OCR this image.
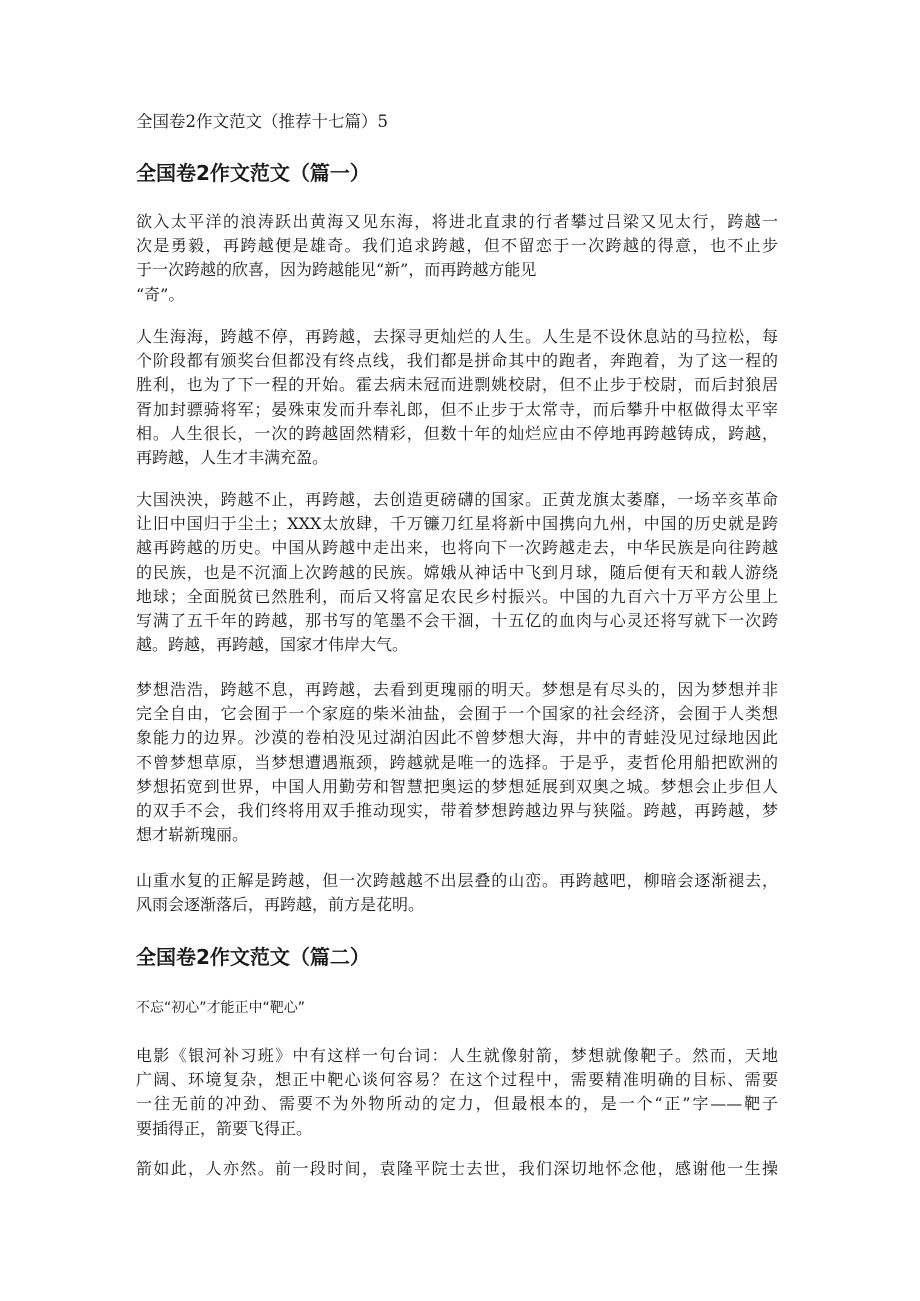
全国卷2作文范文（推荐十七篇）5
全国卷2作文范文（篇一）
欲入太平洋的浪涛跃出黄海又见东海，将进北直隶的行者攀过吕梁又见太行，跨越一
次是勇毅，再跨越便是雄奇。我们追求跨越，但不留恋于一次跨越的得意，也不止步
于一次跨越的欣喜，因为跨越能见“新”，而再跨越方能见
“奇”。
人生海海，跨越不停，再跨越，去探寻更灿烂的人生。人生是不设休息站的马拉松，每
个阶段都有颁奖台但都没有终点线，我们都是拼命其中的跑者，奔跑着，为了这一程的
胜利，也为了下一程的开始。霍去病未冠而进剽姚校尉，但不止步于校尉，而后封狼居
胥加封骠骑将军；晏殊束发而升奉礼郎，但不止步于太常寺，而后攀升中枢做得太平宰
相。人生很长，一次的跨越固然精彩，但数十年的灿烂应由不停地再跨越铸成，跨越，
再跨越，人生才丰满充盈。
大国泱泱，跨越不止，再跨越，去创造更磅礴的国家。正黄龙旗太萎靡，一场辛亥革命
让旧中国归于尘土；XXX太放肆，千万镰刀红星将新中国携向九州，中国的历史就是跨
越再跨越的历史。中国从跨越中走出来，也将向下一次跨越走去，中华民族是向往跨越
的民族，也是不沉湎上次跨越的民族。嫦娥从神话中飞到月球，随后便有天和载人游绕
地球；全面脱贫已然胜利，而后又将富足农民乡村振兴。中国的九百六十万平方公里上
写满了五千年的跨越，那书写的笔墨不会干涸，十五亿的血肉与心灵还将写就下一次跨
越。跨越，再跨越，国家才伟岸大气。
梦想浩浩，跨越不息，再跨越，去看到更瑰丽的明天。梦想是有尽头的，因为梦想并非
完全自由，它会囿于一个家庭的柴米油盐，会囿于一个国家的社会经济，会囿于人类想
象能力的边界。沙漠的卷柏没见过湖泊因此不曾梦想大海，井中的青蛙没见过绿地因此
不曾梦想草原，当梦想遭遇瓶颈，跨越就是唯一的选择。于是乎，麦哲伦用船把欧洲的
梦想拓宽到世界，中国人用勤劳和智慧把奥运的梦想延展到双奥之城。梦想会止步但人
的双手不会，我们终将用双手推动现实，带着梦想跨越边界与狭隘。跨越，再跨越，梦
想才崭新瑰丽。
山重水复的正解是跨越，但一次跨越越不出层叠的山峦。再跨越吧，柳暗会逐渐褪去，
风雨会逐渐落后，再跨越，前方是花明。
全国卷2作文范文（篇二）
不忘“初心”才能正中“靶心”
电影《银河补习班》中有这样一句台词：人生就像射箭，梦想就像靶子。然而，天地
广阔、环境复杂，想正中靶心谈何容易？在这个过程中，需要精准明确的目标、需要
一往无前的冲劲、需要不为外物所动的定力，但最根本的，是一个“正”字——靶子
要插得正，箭要飞得正。
箭如此，人亦然。前一段时间，袁隆平院士去世，我们深切地怀念他，感谢他一生操
